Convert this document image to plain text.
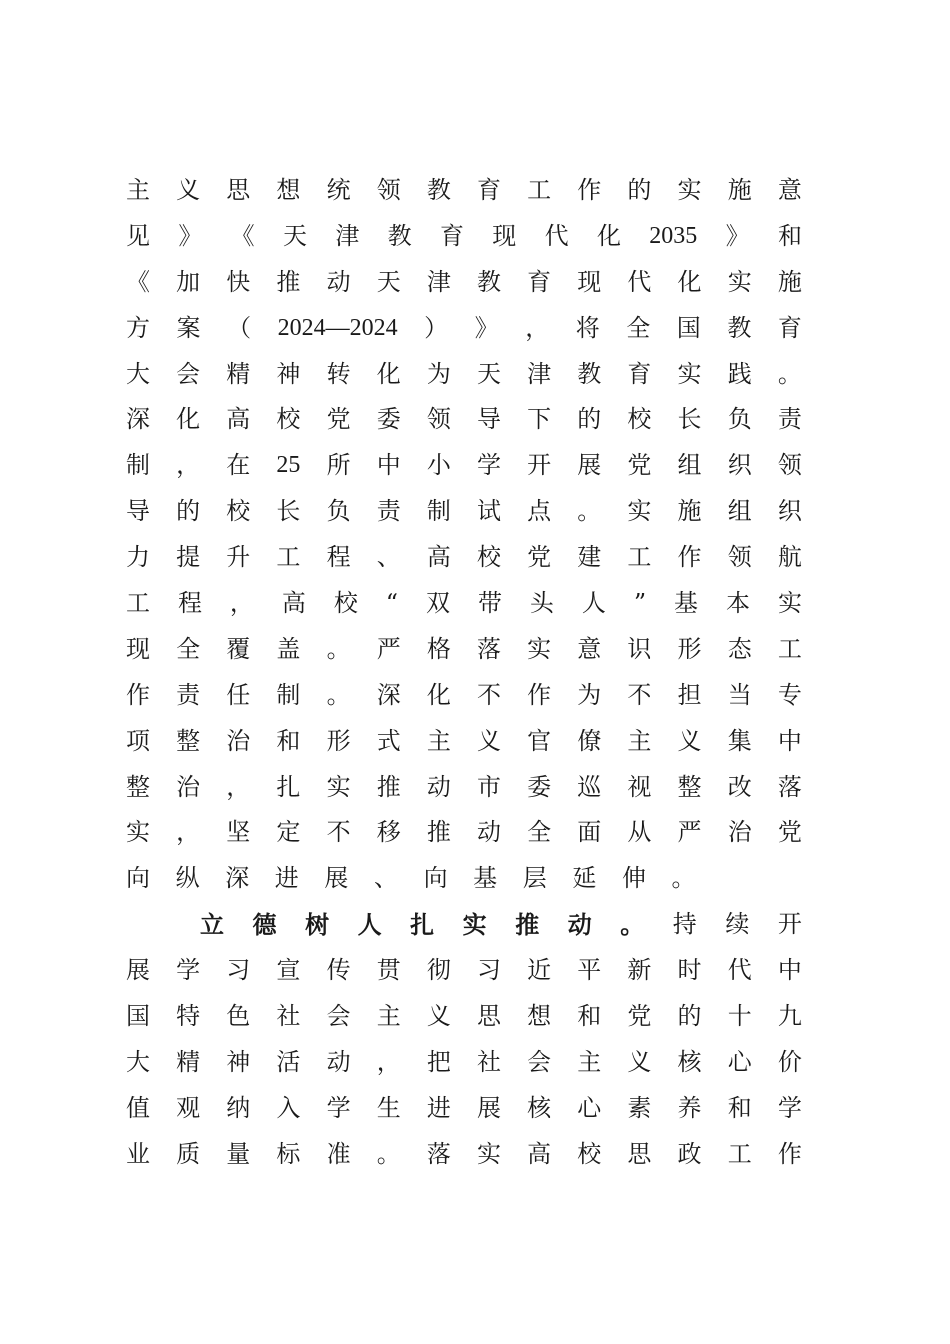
主 义 思 想 统 领 教 育 工 作 的 实 施 意
见 》 《 天 津 教 育 现 代 化 2035 》 和
《 加 快 推 动 天 津 教 育 现 代 化 实 施
方 案 （ 2024—2024 ） 》 ， 将 全 国 教 育
大 会 精 神 转 化 为 天 津 教 育 实 践 。
深 化 高 校 党 委 领 导 下 的 校 长 负 责
制 ， 在 25 所 中 小 学 开 展 党 组 织 领
导 的 校 长 负 责 制 试 点 。 实 施 组 织
力 提 升 工 程 、 高 校 党 建 工 作 领 航
工 程 ， 高 校 “ 双 带 头 人 ” 基 本 实
现 全 覆 盖 。 严 格 落 实 意 识 形 态 工
作 责 任 制 。 深 化 不 作 为 不 担 当 专
项 整 治 和 形 式 主 义 官 僚 主 义 集 中
整 治 ， 扎 实 推 动 市 委 巡 视 整 改 落
实 ， 坚 定 不 移 推 动 全 面 从 严 治 党
向 纵 深 进 展 、 向 基 层 延 伸 。
立 德 树 人 扎 实 推 动 。 持 续 开
展 学 习 宣 传 贯 彻 习 近 平 新 时 代 中
国 特 色 社 会 主 义 思 想 和 党 的 十 九
大 精 神 活 动 ， 把 社 会 主 义 核 心 价
值 观 纳 入 学 生 进 展 核 心 素 养 和 学
业 质 量 标 准 。 落 实 高 校 思 政 工 作
